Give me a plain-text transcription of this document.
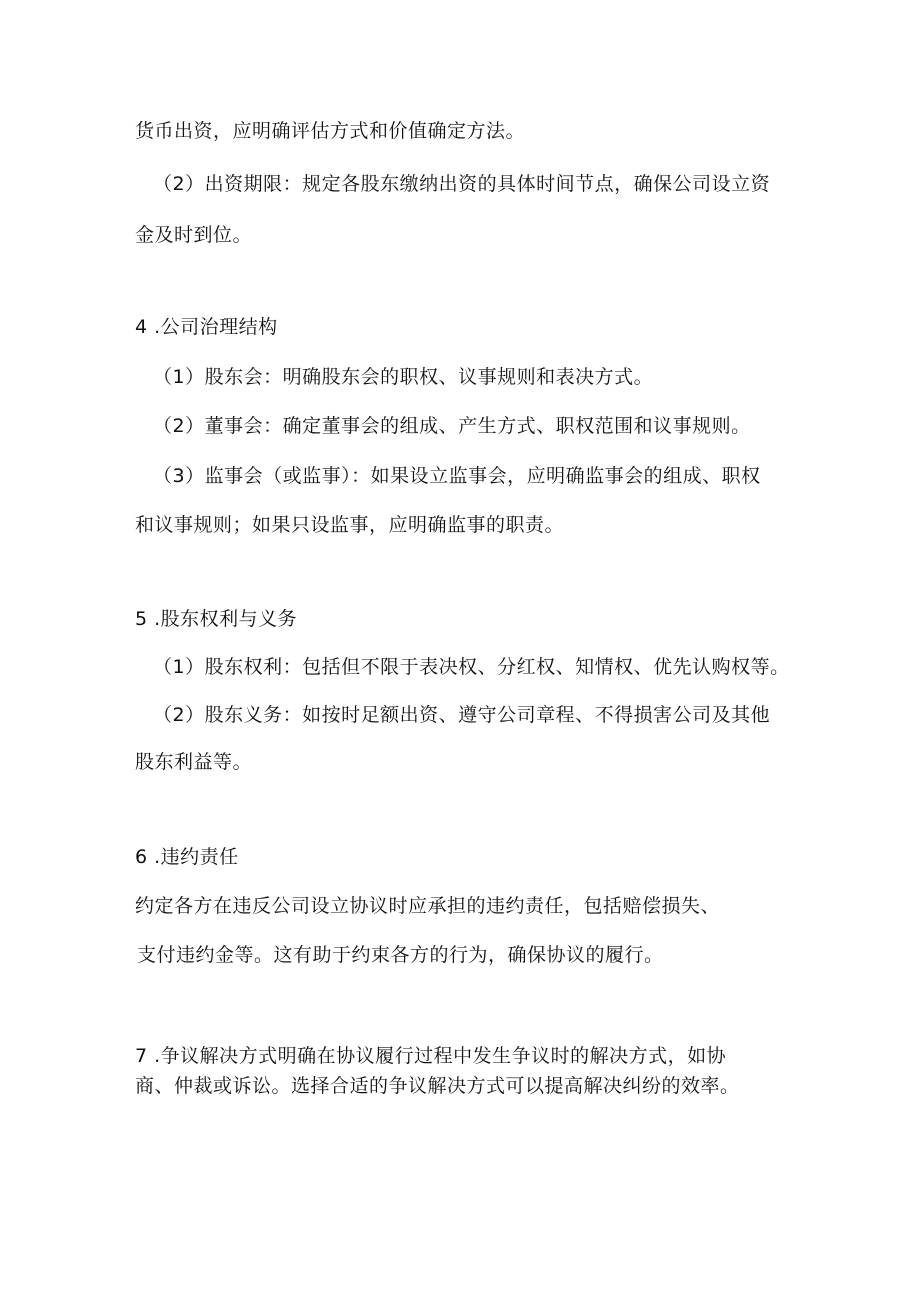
货币出资，应明确评估方式和价值确定方法。
（2）出资期限：规定各股东缴纳出资的具体时间节点，确保公司设立资
金及时到位。
4 .公司治理结构
（1）股东会：明确股东会的职权、议事规则和表决方式。
（2）董事会：确定董事会的组成、产生方式、职权范围和议事规则。
（3）监事会（或监事）：如果设立监事会，应明确监事会的组成、职权
和议事规则；如果只设监事，应明确监事的职责。
5 .股东权利与义务
（1）股东权利：包括但不限于表决权、分红权、知情权、优先认购权等。
（2）股东义务：如按时足额出资、遵守公司章程、不得损害公司及其他
股东利益等。
6 .违约责任
约定各方在违反公司设立协议时应承担的违约责任，包括赔偿损失、
支付违约金等。这有助于约束各方的行为，确保协议的履行。
7 .争议解决方式明确在协议履行过程中发生争议时的解决方式，如协
商、仲裁或诉讼。选择合适的争议解决方式可以提高解决纠纷的效率。
